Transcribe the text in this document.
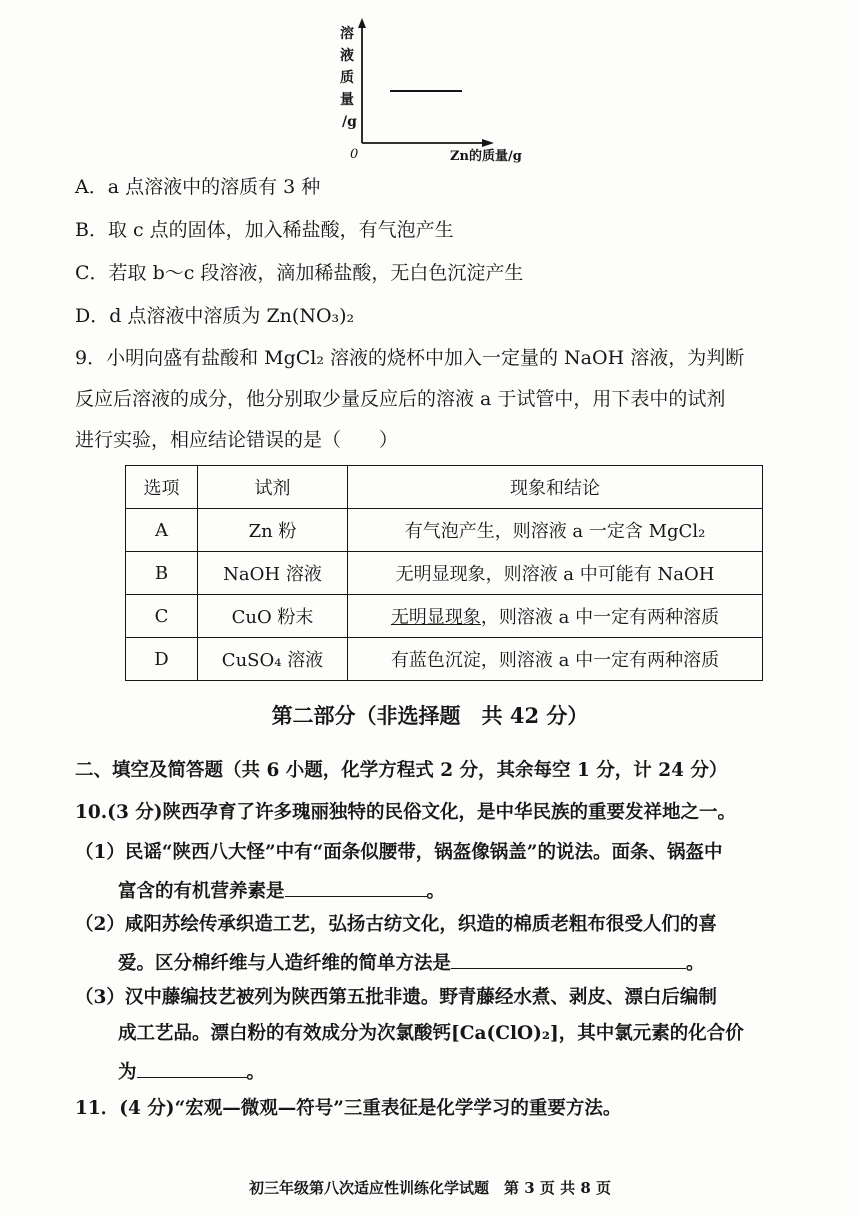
溶
液
质
量
/g
0	Zn的质量/g
A．a 点溶液中的溶质有 3 种
B．取 c 点的固体，加入稀盐酸，有气泡产生
C．若取 b～c 段溶液，滴加稀盐酸，无白色沉淀产生
D．d 点溶液中溶质为 Zn(NO₃)₂
9．小明向盛有盐酸和 MgCl₂ 溶液的烧杯中加入一定量的 NaOH 溶液，为判断
反应后溶液的成分，他分别取少量反应后的溶液 a 于试管中，用下表中的试剂
进行实验，相应结论错误的是（　　）
选项	试剂	现象和结论
A	Zn 粉	有气泡产生，则溶液 a 一定含 MgCl₂
B	NaOH 溶液	无明显现象，则溶液 a 中可能有 NaOH
C	CuO 粉末	无明显现象，则溶液 a 中一定有两种溶质
D	CuSO₄ 溶液	有蓝色沉淀，则溶液 a 中一定有两种溶质
第二部分（非选择题　共 42 分）
二、填空及简答题（共 6 小题，化学方程式 2 分，其余每空 1 分，计 24 分）
10.(3 分)陕西孕育了许多瑰丽独特的民俗文化，是中华民族的重要发祥地之一。
（1）民谣“陕西八大怪”中有“面条似腰带，锅盔像锅盖”的说法。面条、锅盔中
富含的有机营养素是	。
（2）咸阳苏绘传承织造工艺，弘扬古纺文化，织造的棉质老粗布很受人们的喜
爱。区分棉纤维与人造纤维的简单方法是	。
（3）汉中藤编技艺被列为陕西第五批非遗。野青藤经水煮、剥皮、漂白后编制
成工艺品。漂白粉的有效成分为次氯酸钙[Ca(ClO)₂]，其中氯元素的化合价
为	。
11．(4 分)“宏观—微观—符号”三重表征是化学学习的重要方法。
初三年级第八次适应性训练化学试题　第 3 页 共 8 页
